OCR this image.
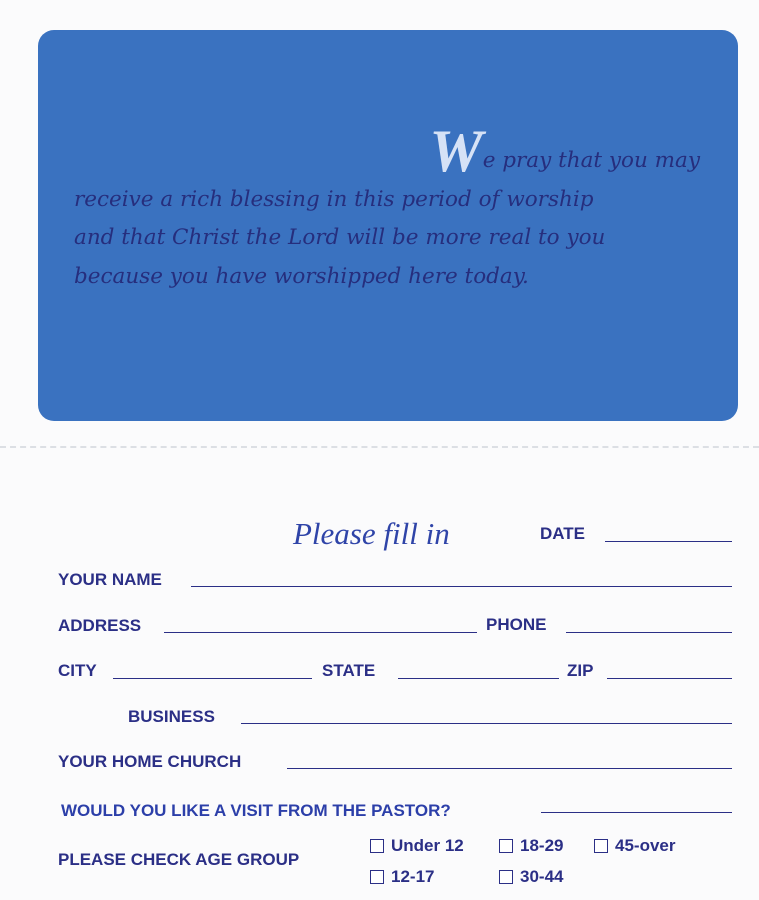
We pray that you may
receive a rich blessing in this period of worship
and that Christ the Lord will be more real to you
because you have worshipped here today.
Please fill in	DATE
YOUR NAME
ADDRESS	PHONE
CITY	STATE	ZIP
BUSINESS
YOUR HOME CHURCH
WOULD YOU LIKE A VISIT FROM THE PASTOR?
PLEASE CHECK AGE GROUP
Under 12	18-29	45-over
12-17	30-44
